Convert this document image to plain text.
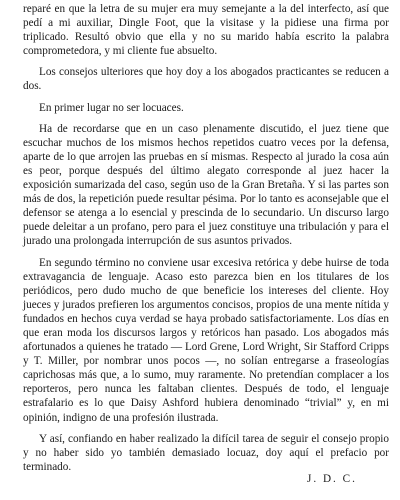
reparé en que la letra de su mujer era muy semejante a la del interfecto, así que pedí a mi auxiliar, Dingle Foot, que la visitase y la pidiese una firma por triplicado. Resultó obvio que ella y no su marido había escrito la palabra comprometedora, y mi cliente fue absuelto.

Los consejos ulteriores que hoy doy a los abogados practicantes se reducen a dos.

En primer lugar no ser locuaces.

Ha de recordarse que en un caso plenamente discutido, el juez tiene que escuchar muchos de los mismos hechos repetidos cuatro veces por la defensa, aparte de lo que arrojen las pruebas en sí mismas. Respecto al jurado la cosa aún es peor, porque después del último alegato corresponde al juez hacer la exposición sumarizada del caso, según uso de la Gran Bretaña. Y si las partes son más de dos, la repetición puede resultar pésima. Por lo tanto es aconsejable que el defensor se atenga a lo esencial y prescinda de lo secundario. Un discurso largo puede deleitar a un profano, pero para el juez constituye una tribulación y para el jurado una prolongada interrupción de sus asuntos privados.

En segundo término no conviene usar excesiva retórica y debe huirse de toda extravagancia de lenguaje. Acaso esto parezca bien en los titulares de los periódicos, pero dudo mucho de que beneficie los intereses del cliente. Hoy jueces y jurados prefieren los argumentos concisos, propios de una mente nítida y fundados en hechos cuya verdad se haya probado satisfactoriamente. Los días en que eran moda los discursos largos y retóricos han pasado. Los abogados más afortunados a quienes he tratado — Lord Grene, Lord Wright, Sir Stafford Cripps y T. Miller, por nombrar unos pocos —, no solían entregarse a fraseologías caprichosas más que, a lo sumo, muy raramente. No pretendían complacer a los reporteros, pero nunca les faltaban clientes. Después de todo, el lenguaje estrafalario es lo que Daisy Ashford hubiera denominado “trivial” y, en mi opinión, indigno de una profesión ilustrada.

Y así, confiando en haber realizado la difícil tarea de seguir el consejo propio y no haber sido yo también demasiado locuaz, doy aquí el prefacio por terminado.

J. D. C.
